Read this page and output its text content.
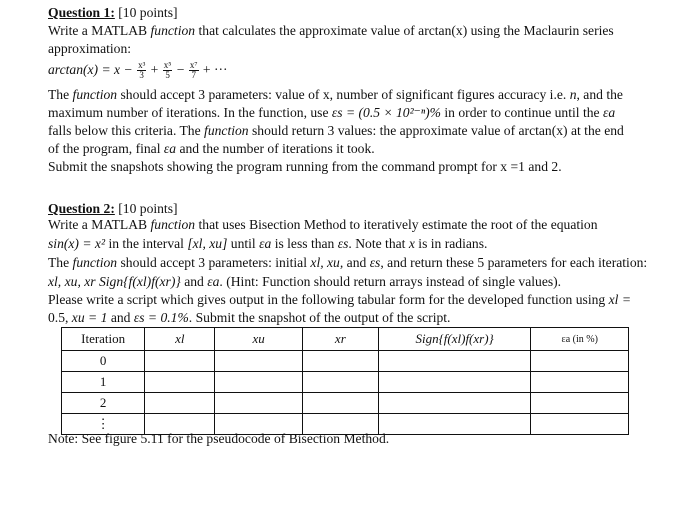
Question 1: [10 points]
Write a MATLAB function that calculates the approximate value of arctan(x) using the Maclaurin series
approximation:
$\arctan(x) = x - \frac{\text{x³}}{3} + \frac{\text{x⁵}}{5} - \frac{\text{x⁷}}{7}$ + ···
The function should accept 3 parameters: value of x, number of significant figures accuracy i.e. n, and the
maximum number of iterations. In the function, use εs = (0.5 × 10²⁻ⁿ)% in order to continue until the εa
falls below this criteria. The function should return 3 values: the approximate value of arctan(x) at the end
of the program, final εa and the number of iterations it took.
Submit the snapshots showing the program running from the command prompt for x =1 and 2.
Question 2: [10 points]
Write a MATLAB function that uses Bisection Method to iteratively estimate the root of the equation
sin(x) = x² in the interval [xl, xu] until εa is less than εs. Note that x is in radians.
The function should accept 3 parameters: initial xl, xu, and εs, and return these 5 parameters for each iteration:
xl, xu, xr Sign{f(xl)f(xr)} and εa. (Hint: Function should return arrays instead of single values).
Please write a script which gives output in the following tabular form for the developed function using xl =
0.5, xu = 1 and εs = 0.1%. Submit the snapshot of the output of the script.
Iteration	xl	xu	xr	Sign{f(xl)f(xr)}	εa (in %)
0					
1					
2					
⋮					
Note: See figure 5.11 for the pseudocode of Bisection Method.
